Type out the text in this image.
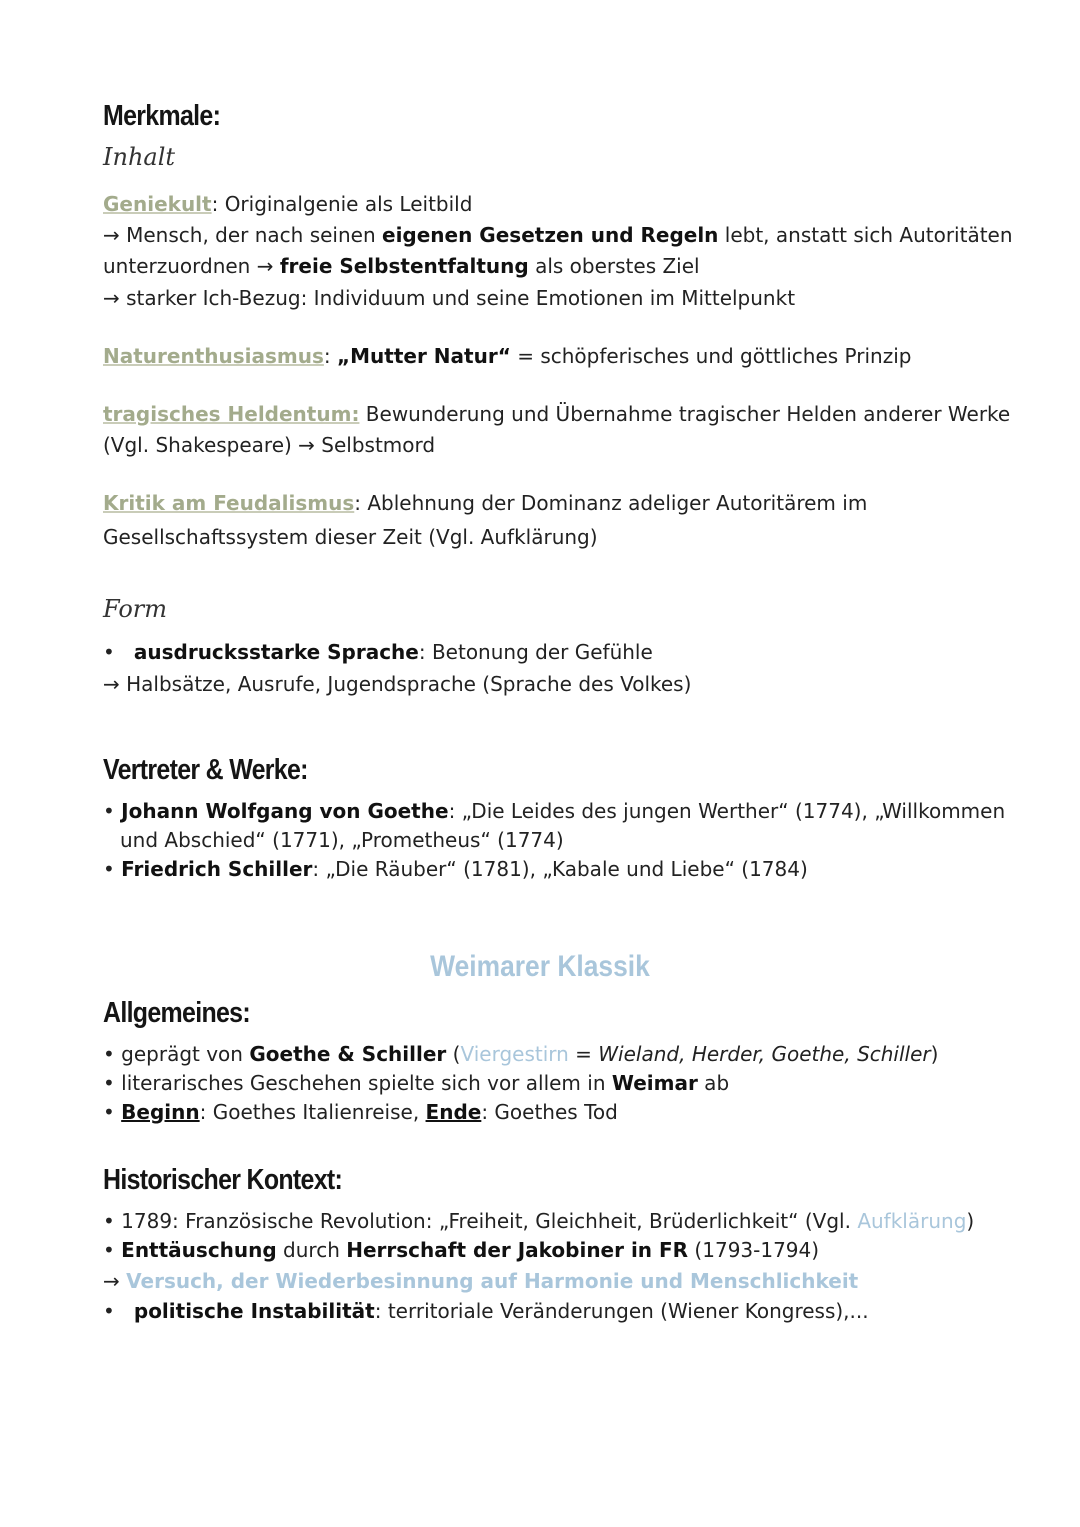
Merkmale:
Inhalt
Geniekult: Originalgenie als Leitbild
→ Mensch, der nach seinen eigenen Gesetzen und Regeln lebt, anstatt sich Autoritäten
unterzuordnen → freie Selbstentfaltung als oberstes Ziel
→ starker Ich-Bezug: Individuum und seine Emotionen im Mittelpunkt
Naturenthusiasmus: „Mutter Natur“ = schöpferisches und göttliches Prinzip
tragisches Heldentum: Bewunderung und Übernahme tragischer Helden anderer Werke
(Vgl. Shakespeare) → Selbstmord
Kritik am Feudalismus: Ablehnung der Dominanz adeliger Autoritärem im
Gesellschaftssystem dieser Zeit (Vgl. Aufklärung)
Form
• ausdrucksstarke Sprache: Betonung der Gefühle
→ Halbsätze, Ausrufe, Jugendsprache (Sprache des Volkes)
Vertreter & Werke:
• Johann Wolfgang von Goethe: „Die Leides des jungen Werther“ (1774), „Willkommen
und Abschied“ (1771), „Prometheus“ (1774)
• Friedrich Schiller: „Die Räuber“ (1781), „Kabale und Liebe“ (1784)
Weimarer Klassik
Allgemeines:
• geprägt von Goethe & Schiller (Viergestirn = Wieland, Herder, Goethe, Schiller)
• literarisches Geschehen spielte sich vor allem in Weimar ab
• Beginn: Goethes Italienreise, Ende: Goethes Tod
Historischer Kontext:
• 1789: Französische Revolution: „Freiheit, Gleichheit, Brüderlichkeit“ (Vgl. Aufklärung)
• Enttäuschung durch Herrschaft der Jakobiner in FR (1793-1794)
→ Versuch, der Wiederbesinnung auf Harmonie und Menschlichkeit
•   politische Instabilität: territoriale Veränderungen (Wiener Kongress),...
